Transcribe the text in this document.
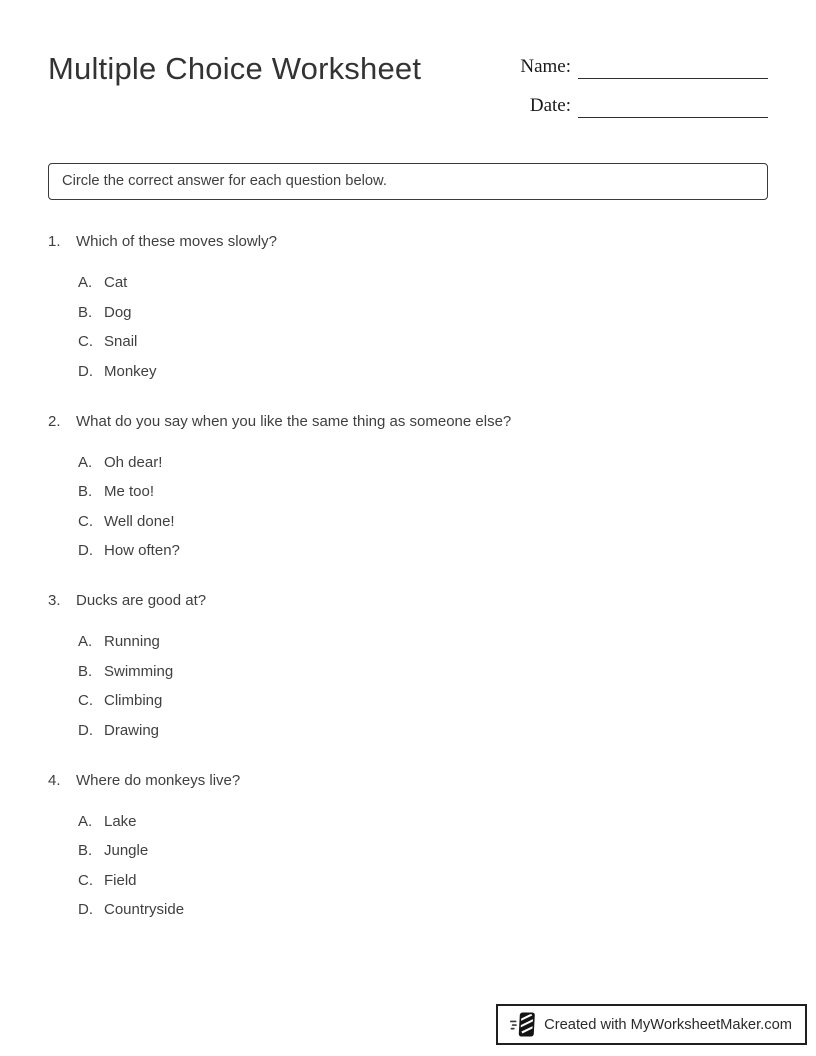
Multiple Choice Worksheet	Name:
Date:
Circle the correct answer for each question below.
1.	Which of these moves slowly?
A. Cat
B. Dog
C. Snail
D. Monkey
2.	What do you say when you like the same thing as someone else?
A. Oh dear!
B. Me too!
C. Well done!
D. How often?
3.	Ducks are good at?
A. Running
B. Swimming
C. Climbing
D. Drawing
4.	Where do monkeys live?
A. Lake
B. Jungle
C. Field
D. Countryside
Created with MyWorksheetMaker.com
